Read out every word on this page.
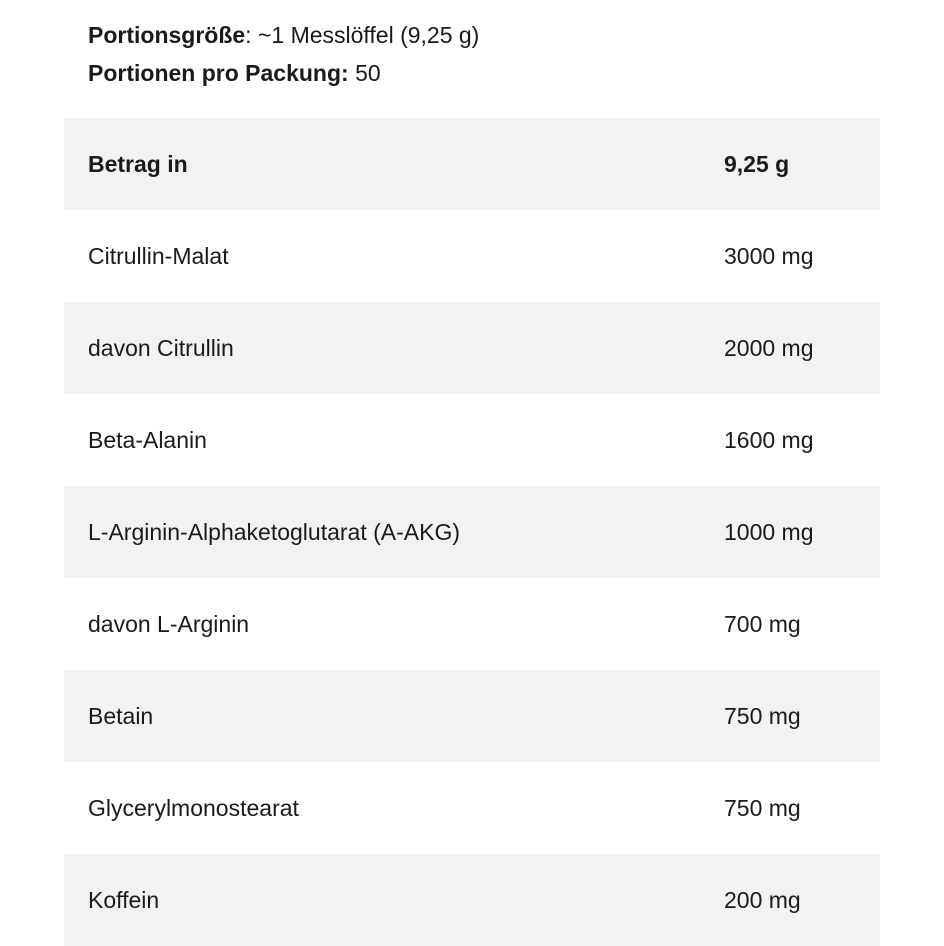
Portionsgröße: ~1 Messlöffel (9,25 g)
Portionen pro Packung: 50
Betrag in	9,25 g
Citrullin-Malat	3000 mg
davon Citrullin	2000 mg
Beta-Alanin	1600 mg
L-Arginin-Alphaketoglutarat (A-AKG)	1000 mg
davon L-Arginin	700 mg
Betain	750 mg
Glycerylmonostearat	750 mg
Koffein	200 mg
